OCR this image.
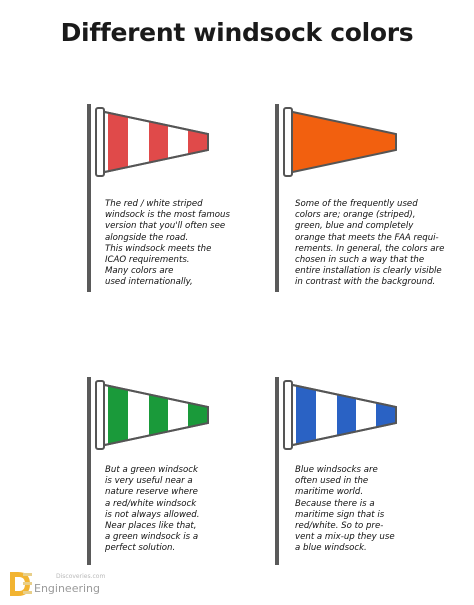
Different windsock colors
The red / white striped
windsock is the most famous
version that you'll often see
alongside the road.
This windsock meets the
ICAO requirements.
Many colors are
used internationally,
Some of the frequently used
colors are; orange (striped),
green, blue and completely
orange that meets the FAA requi-
rements. In general, the colors are
chosen in such a way that the
entire installation is clearly visible
in contrast with the background.
But a green windsock
is very useful near a
nature reserve where
a red/white windsock
is not always allowed.
Near places like that,
a green windsock is a
perfect solution.
Blue windsocks are
often used in the
maritime world.
Because there is a
maritime sign that is
red/white. So to pre-
vent a mix-up they use
a blue windsock.
Discoveries.com
Engineering
